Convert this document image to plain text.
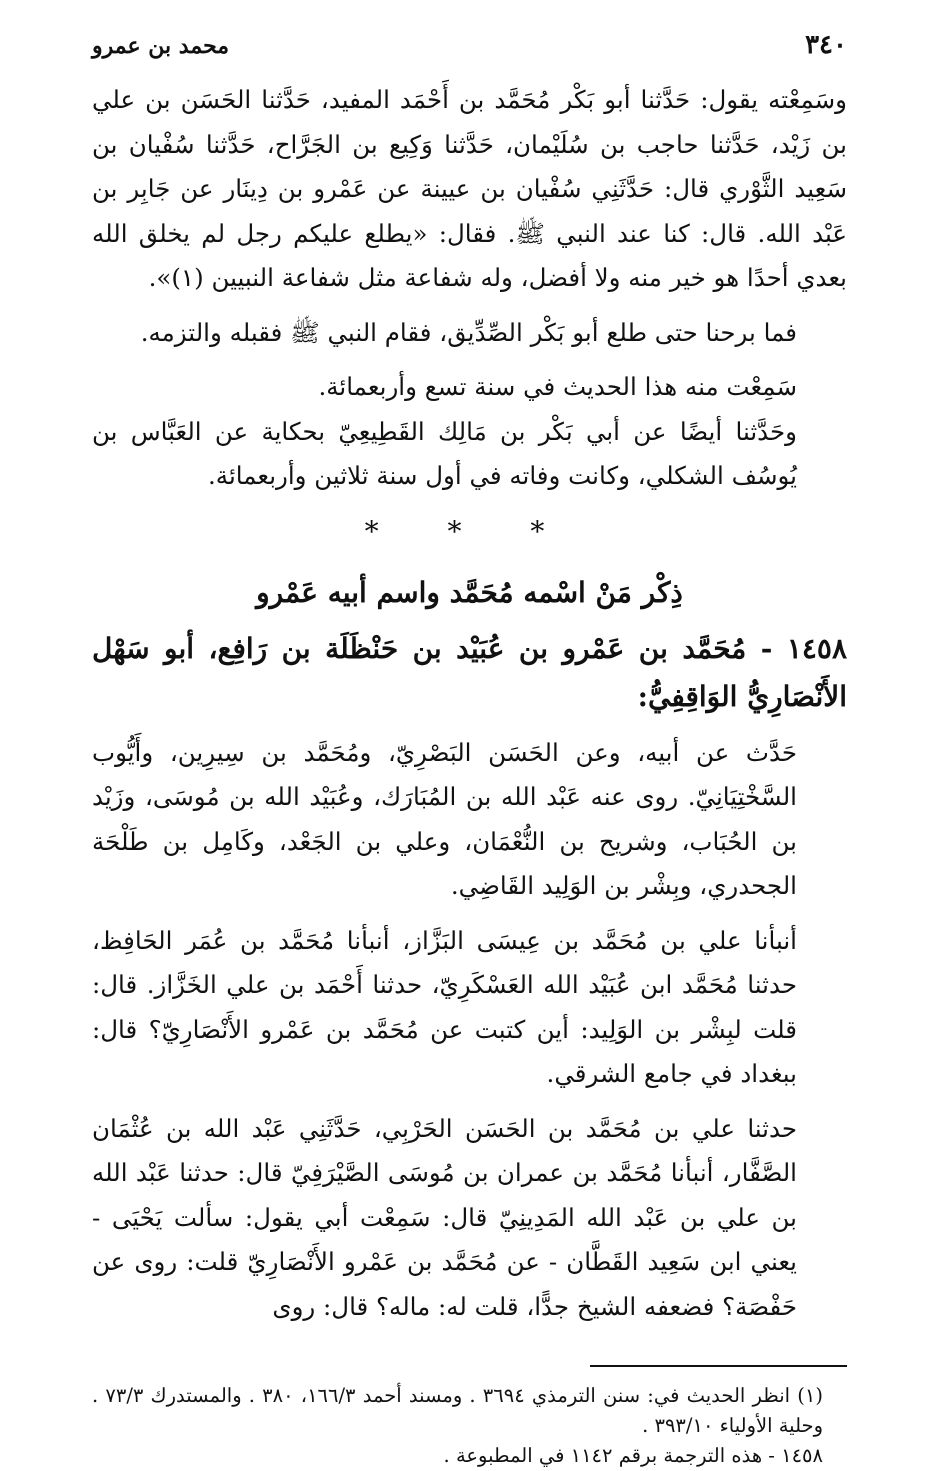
٣٤٠
محمد بن عمرو

وسَمِعْته يقول: حَدَّثنا أبو بَكْر مُحَمَّد بن أَحْمَد المفيد، حَدَّثنا الحَسَن بن علي بن زَيْد، حَدَّثنا حاجب بن سُلَيْمان، حَدَّثنا وَكِيع بن الجَرَّاح، حَدَّثنا سُفْيان بن سَعِيد الثَّوْري قال: حَدَّثَنِي سُفْيان بن عيينة عن عَمْرو بن دِينَار عن جَابِر بن عَبْد الله. قال: كنا عند النبي ﷺ. فقال: «يطلع عليكم رجل لم يخلق الله بعدي أحدًا هو خير منه ولا أفضل، وله شفاعة مثل شفاعة النبيين (١)».

فما برحنا حتى طلع أبو بَكْر الصِّدِّيق، فقام النبي ﷺ فقبله والتزمه.

سَمِعْت منه هذا الحديث في سنة تسع وأربعمائة.

وحَدَّثنا أيضًا عن أبي بَكْر بن مَالِك القَطِيعِيّ بحكاية عن العَبَّاس بن يُوسُف الشكلي، وكانت وفاته في أول سنة ثلاثين وأربعمائة.

* * *
ذِكْر مَنْ اسْمه مُحَمَّد واسم أبيه عَمْرو
١٤٥٨ - مُحَمَّد بن عَمْرو بن عُبَيْد بن حَنْظَلَة بن رَافِع، أبو سَهْل الأَنْصَارِيُّ الوَاقِفِيُّ:

حَدَّث عن أبيه، وعن الحَسَن البَصْرِيّ، ومُحَمَّد بن سِيرِين، وأَيُّوب السَّخْتِيَانِيّ. روى عنه عَبْد الله بن المُبَارَك، وعُبَيْد الله بن مُوسَى، وزَيْد بن الحُبَاب، وشريح بن النُّعْمَان، وعلي بن الجَعْد، وكَامِل بن طَلْحَة الجحدري، وبِشْر بن الوَلِيد القَاضِي.

أنبأنا علي بن مُحَمَّد بن عِيسَى البَزَّاز، أنبأنا مُحَمَّد بن عُمَر الحَافِظ، حدثنا مُحَمَّد ابن عُبَيْد الله العَسْكَرِيّ، حدثنا أَحْمَد بن علي الخَزَّاز. قال: قلت لبِشْر بن الوَلِيد: أين كتبت عن مُحَمَّد بن عَمْرو الأَنْصَارِيّ؟ قال: ببغداد في جامع الشرقي.

حدثنا علي بن مُحَمَّد بن الحَسَن الحَرْبِي، حَدَّثَنِي عَبْد الله بن عُثْمَان الصَّفَّار، أنبأنا مُحَمَّد بن عمران بن مُوسَى الصَّيْرَفِيّ قال: حدثنا عَبْد الله بن علي بن عَبْد الله المَدِينِيّ قال: سَمِعْت أبي يقول: سألت يَحْيَى - يعني ابن سَعِيد القَطَّان - عن مُحَمَّد بن عَمْرو الأَنْصَارِيّ قلت: روى عن حَفْصَة؟ فضعفه الشيخ جدًّا، قلت له: ماله؟ قال: روى

(١) انظر الحديث في: سنن الترمذي ٣٦٩٤ . ومسند أحمد ١٦٦/٣، ٣٨٠ . والمستدرك ٧٣/٣ . وحلية الأولياء ٣٩٣/١٠ .

١٤٥٨ - هذه الترجمة برقم ١١٤٢ في المطبوعة .
